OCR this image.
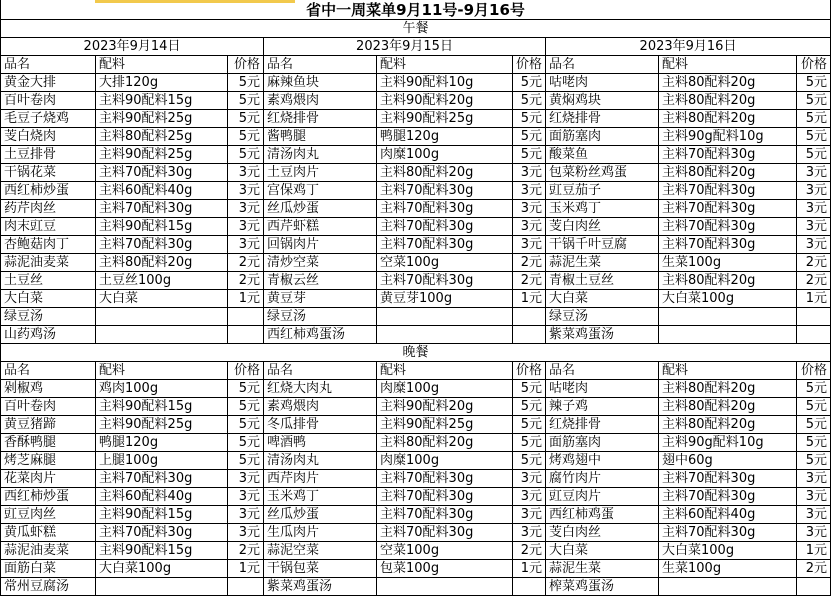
省中一周菜单9月11号-9月16号								
午餐								
2023年9月14日			2023年9月15日			2023年9月16日		
品名	配料	价格	品名	配料	价格	品名	配料	价格
黄金大排	大排120g	5元	麻辣鱼块	主料90配料10g	5元	咕咾肉	主料80配料20g	5元
百叶卷肉	主料90配料15g	5元	素鸡煨肉	主料90配料20g	5元	黄焖鸡块	主料80配料20g	5元
毛豆子烧鸡	主料90配料25g	5元	红烧排骨	主料90配料25g	5元	红烧排骨	主料80配料20g	5元
芰白烧肉	主料80配料25g	5元	酱鸭腿	鸭腿120g	5元	面筋塞肉	主料90g配料10g	5元
土豆排骨	主料90配料25g	5元	清汤肉丸	肉糜100g	5元	酸菜鱼	主料70配料30g	5元
干锅花菜	主料70配料30g	3元	土豆肉片	主料80配料20g	3元	包菜粉丝鸡蛋	主料80配料20g	3元
西红柿炒蛋	主料60配料40g	3元	宫保鸡丁	主料70配料30g	3元	豇豆茄子	主料70配料30g	3元
药芹肉丝	主料70配料30g	3元	丝瓜炒蛋	主料70配料30g	3元	玉米鸡丁	主料70配料30g	3元
肉末豇豆	主料90配料15g	3元	西芹虾糕	主料70配料30g	3元	芰白肉丝	主料70配料30g	3元
杏鲍菇肉丁	主料70配料30g	3元	回锅肉片	主料70配料30g	3元	干锅千叶豆腐	主料70配料30g	3元
蒜泥油麦菜	主料80配料20g	2元	清炒空菜	空菜100g	2元	蒜泥生菜	生菜100g	2元
土豆丝	土豆丝100g	2元	青椒云丝	主料70配料30g	2元	青椒土豆丝	主料80配料20g	2元
大白菜	大白菜	1元	黄豆芽	黄豆芽100g	1元	大白菜	大白菜100g	1元
绿豆汤			绿豆汤			绿豆汤		
山药鸡汤			西红柿鸡蛋汤			紫菜鸡蛋汤		
晚餐								
品名	配料	价格	品名	配料	价格	品名	配料	价格
剁椒鸡	鸡肉100g	5元	红烧大肉丸	肉糜100g	5元	咕咾肉	主料80配料20g	5元
百叶卷肉	主料90配料15g	5元	素鸡煨肉	主料90配料20g	5元	辣子鸡	主料80配料20g	5元
黄豆猪蹄	主料90配料25g	5元	冬瓜排骨	主料90配料25g	5元	红烧排骨	主料80配料20g	5元
香酥鸭腿	鸭腿120g	5元	啤酒鸭	主料80配料20g	5元	面筋塞肉	主料90g配料10g	5元
烤芝麻腿	上腿100g	5元	清汤肉丸	肉糜100g	5元	烤鸡翅中	翅中60g	5元
花菜肉片	主料70配料30g	3元	西芹肉片	主料70配料30g	3元	腐竹肉片	主料70配料30g	3元
西红柿炒蛋	主料60配料40g	3元	玉米鸡丁	主料70配料30g	3元	豇豆肉片	主料70配料30g	3元
豇豆肉丝	主料90配料15g	3元	丝瓜炒蛋	主料70配料30g	3元	西红柿鸡蛋	主料60配料40g	3元
黄瓜虾糕	主料70配料30g	3元	生瓜肉片	主料70配料30g	3元	芰白肉丝	主料70配料30g	3元
蒜泥油麦菜	主料90配料15g	2元	蒜泥空菜	空菜100g	2元	大白菜	大白菜100g	1元
面筋白菜	大白菜100g	1元	干锅包菜	包菜100g	1元	蒜泥生菜	生菜100g	2元
常州豆腐汤			紫菜鸡蛋汤			榨菜鸡蛋汤		
